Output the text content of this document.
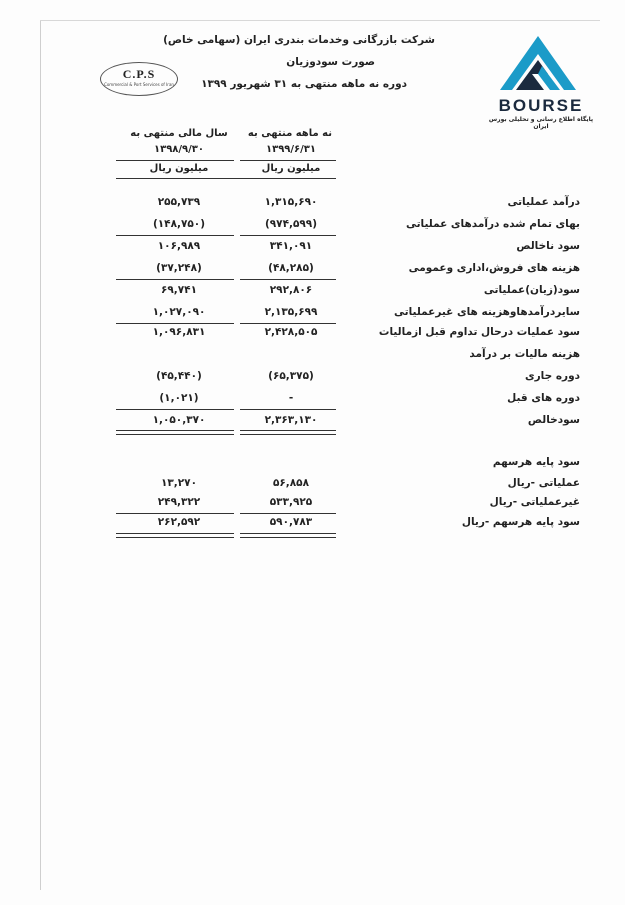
شرکت بازرگانی وخدمات بندری ایران (سهامی خاص)
صورت سودوزیان
دوره نه ماهه منتهی به ۳۱ شهریور ۱۳۹۹
C.P.S
Commercial & Port Services of Iran
BOURSE
پایگاه اطلاع رسانی و تحلیلی بورس ایران
نه ماهه منتهی به
۱۳۹۹/۶/۳۱
میلیون ریال
سال مالی منتهی به
۱۳۹۸/۹/۳۰
میلیون ریال
درآمد عملیاتی
۱,۳۱۵,۶۹۰
۲۵۵,۷۳۹
بهای تمام شده درآمدهای عملیاتی
(۹۷۴,۵۹۹)
(۱۴۸,۷۵۰)
سود ناخالص
۳۴۱,۰۹۱
۱۰۶,۹۸۹
هزینه های فروش،اداری وعمومی
(۴۸,۲۸۵)
(۳۷,۲۴۸)
سود(زیان)عملیاتی
۲۹۲,۸۰۶
۶۹,۷۴۱
سایردرآمدهاوهزینه های غیرعملیاتی
۲,۱۳۵,۶۹۹
۱,۰۲۷,۰۹۰
سود عملیات درحال تداوم قبل ازمالیات
۲,۴۲۸,۵۰۵
۱,۰۹۶,۸۳۱
هزینه مالیات بر درآمد
دوره جاری
(۶۵,۳۷۵)
(۴۵,۴۴۰)
دوره های قبل
-
(۱,۰۲۱)
سودخالص
۲,۳۶۳,۱۳۰
۱,۰۵۰,۳۷۰
سود پایه هرسهم
عملیاتی -ریال
۵۶,۸۵۸
۱۳,۲۷۰
غیرعملیاتی -ریال
۵۳۳,۹۲۵
۲۴۹,۳۲۲
سود پایه هرسهم -ریال
۵۹۰,۷۸۳
۲۶۲,۵۹۲
